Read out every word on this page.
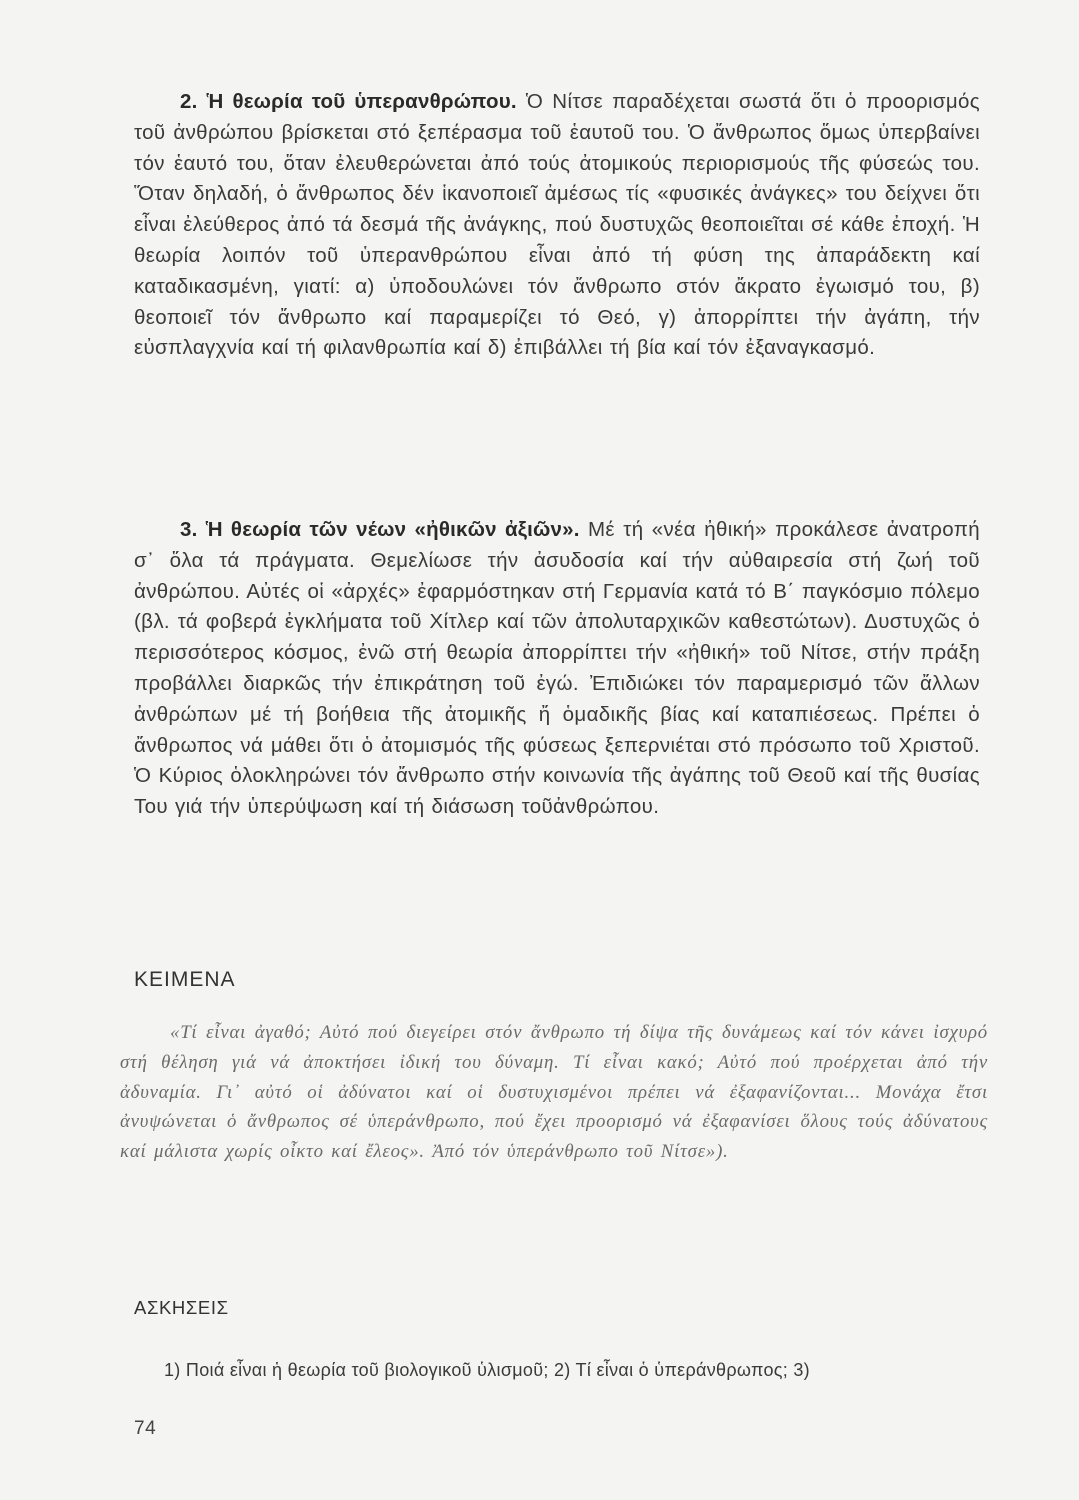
2. Ἡ θεωρία τοῦ ὑπερανθρώπου. Ὁ Νίτσε παραδέχεται σωστά ὅτι ὁ προορισμός τοῦ ἀνθρώπου βρίσκεται στό ξεπέρασμα τοῦ ἑαυτοῦ του. Ὁ ἄνθρωπος ὅμως ὑπερβαίνει τόν ἑαυτό του, ὅταν ἐλευθερώνεται ἀπό τούς ἀτομικούς περιορισμούς τῆς φύσεώς του. Ὅταν δηλαδή, ὁ ἄνθρωπος δέν ἱκανοποιεῖ ἀμέσως τίς «φυσικές ἀνάγκες» του δείχνει ὅτι εἶναι ἐλεύθερος ἀπό τά δεσμά τῆς ἀνάγκης, πού δυστυχῶς θεοποιεῖται σέ κάθε ἐποχή. Ἡ θεωρία λοιπόν τοῦ ὑπερανθρώπου εἶναι ἀπό τή φύση της ἀπαράδεκτη καί καταδικασμένη, γιατί: α) ὑποδουλώνει τόν ἄνθρωπο στόν ἄκρατο ἐγωισμό του, β) θεοποιεῖ τόν ἄνθρωπο καί παραμερίζει τό Θεό, γ) ἀπορρίπτει τήν ἀγάπη, τήν εὐσπλαγχνία καί τή φιλανθρωπία καί δ) ἐπιβάλλει τή βία καί τόν ἐξαναγκασμό.
3. Ἡ θεωρία τῶν νέων «ἠθικῶν ἀξιῶν». Μέ τή «νέα ἠθική» προκάλεσε ἀνατροπή σ᾽ ὅλα τά πράγματα. Θεμελίωσε τήν ἀσυδοσία καί τήν αὐθαιρεσία στή ζωή τοῦ ἀνθρώπου. Αὐτές οἱ «ἀρχές» ἐφαρμόστηκαν στή Γερμανία κατά τό Β΄ παγκόσμιο πόλεμο (βλ. τά φοβερά ἐγκλήματα τοῦ Χίτλερ καί τῶν ἀπολυταρχικῶν καθεστώτων). Δυστυχῶς ὁ περισσότερος κόσμος, ἐνῶ στή θεωρία ἀπορρίπτει τήν «ἠθική» τοῦ Νίτσε, στήν πράξη προβάλλει διαρκῶς τήν ἐπικράτηση τοῦ ἐγώ. Ἐπιδιώκει τόν παραμερισμό τῶν ἄλλων ἀνθρώπων μέ τή βοήθεια τῆς ἀτομικῆς ἤ ὁμαδικῆς βίας καί καταπιέσεως. Πρέπει ὁ ἄνθρωπος νά μάθει ὅτι ὁ ἀτομισμός τῆς φύσεως ξεπερνιέται στό πρόσωπο τοῦ Χριστοῦ. Ὁ Κύριος ὁλοκληρώνει τόν ἄνθρωπο στήν κοινωνία τῆς ἀγάπης τοῦ Θεοῦ καί τῆς θυσίας Του γιά τήν ὑπερύψωση καί τή διάσωση τοῦἀνθρώπου.
ΚΕΙΜΕΝΑ
«Τί εἶναι ἀγαθό; Αὐτό πού διεγείρει στόν ἄνθρωπο τή δίψα τῆς δυνάμεως καί τόν κάνει ἰσχυρό στή θέληση γιά νά ἀποκτήσει ἰδική του δύναμη. Τί εἶναι κακό; Αὐτό πού προέρχεται ἀπό τήν ἀδυναμία. Γι᾽ αὐτό οἱ ἀδύνατοι καί οἱ δυστυχισμένοι πρέπει νά ἐξαφανίζονται... Μονάχα ἔτσι ἀνυψώνεται ὁ ἄνθρωπος σέ ὑπεράνθρωπο, πού ἔχει προορισμό νά ἐξαφανίσει ὅλους τούς ἀδύνατους καί μάλιστα χωρίς οἶκτο καί ἔλεος». Ἀπό τόν ὑπεράνθρωπο τοῦ Νίτσε»).
ΑΣΚΗΣΕΙΣ
1) Ποιά εἶναι ἡ θεωρία τοῦ βιολογικοῦ ὑλισμοῦ; 2) Τί εἶναι ὁ ὑπεράνθρωπος; 3)
74
